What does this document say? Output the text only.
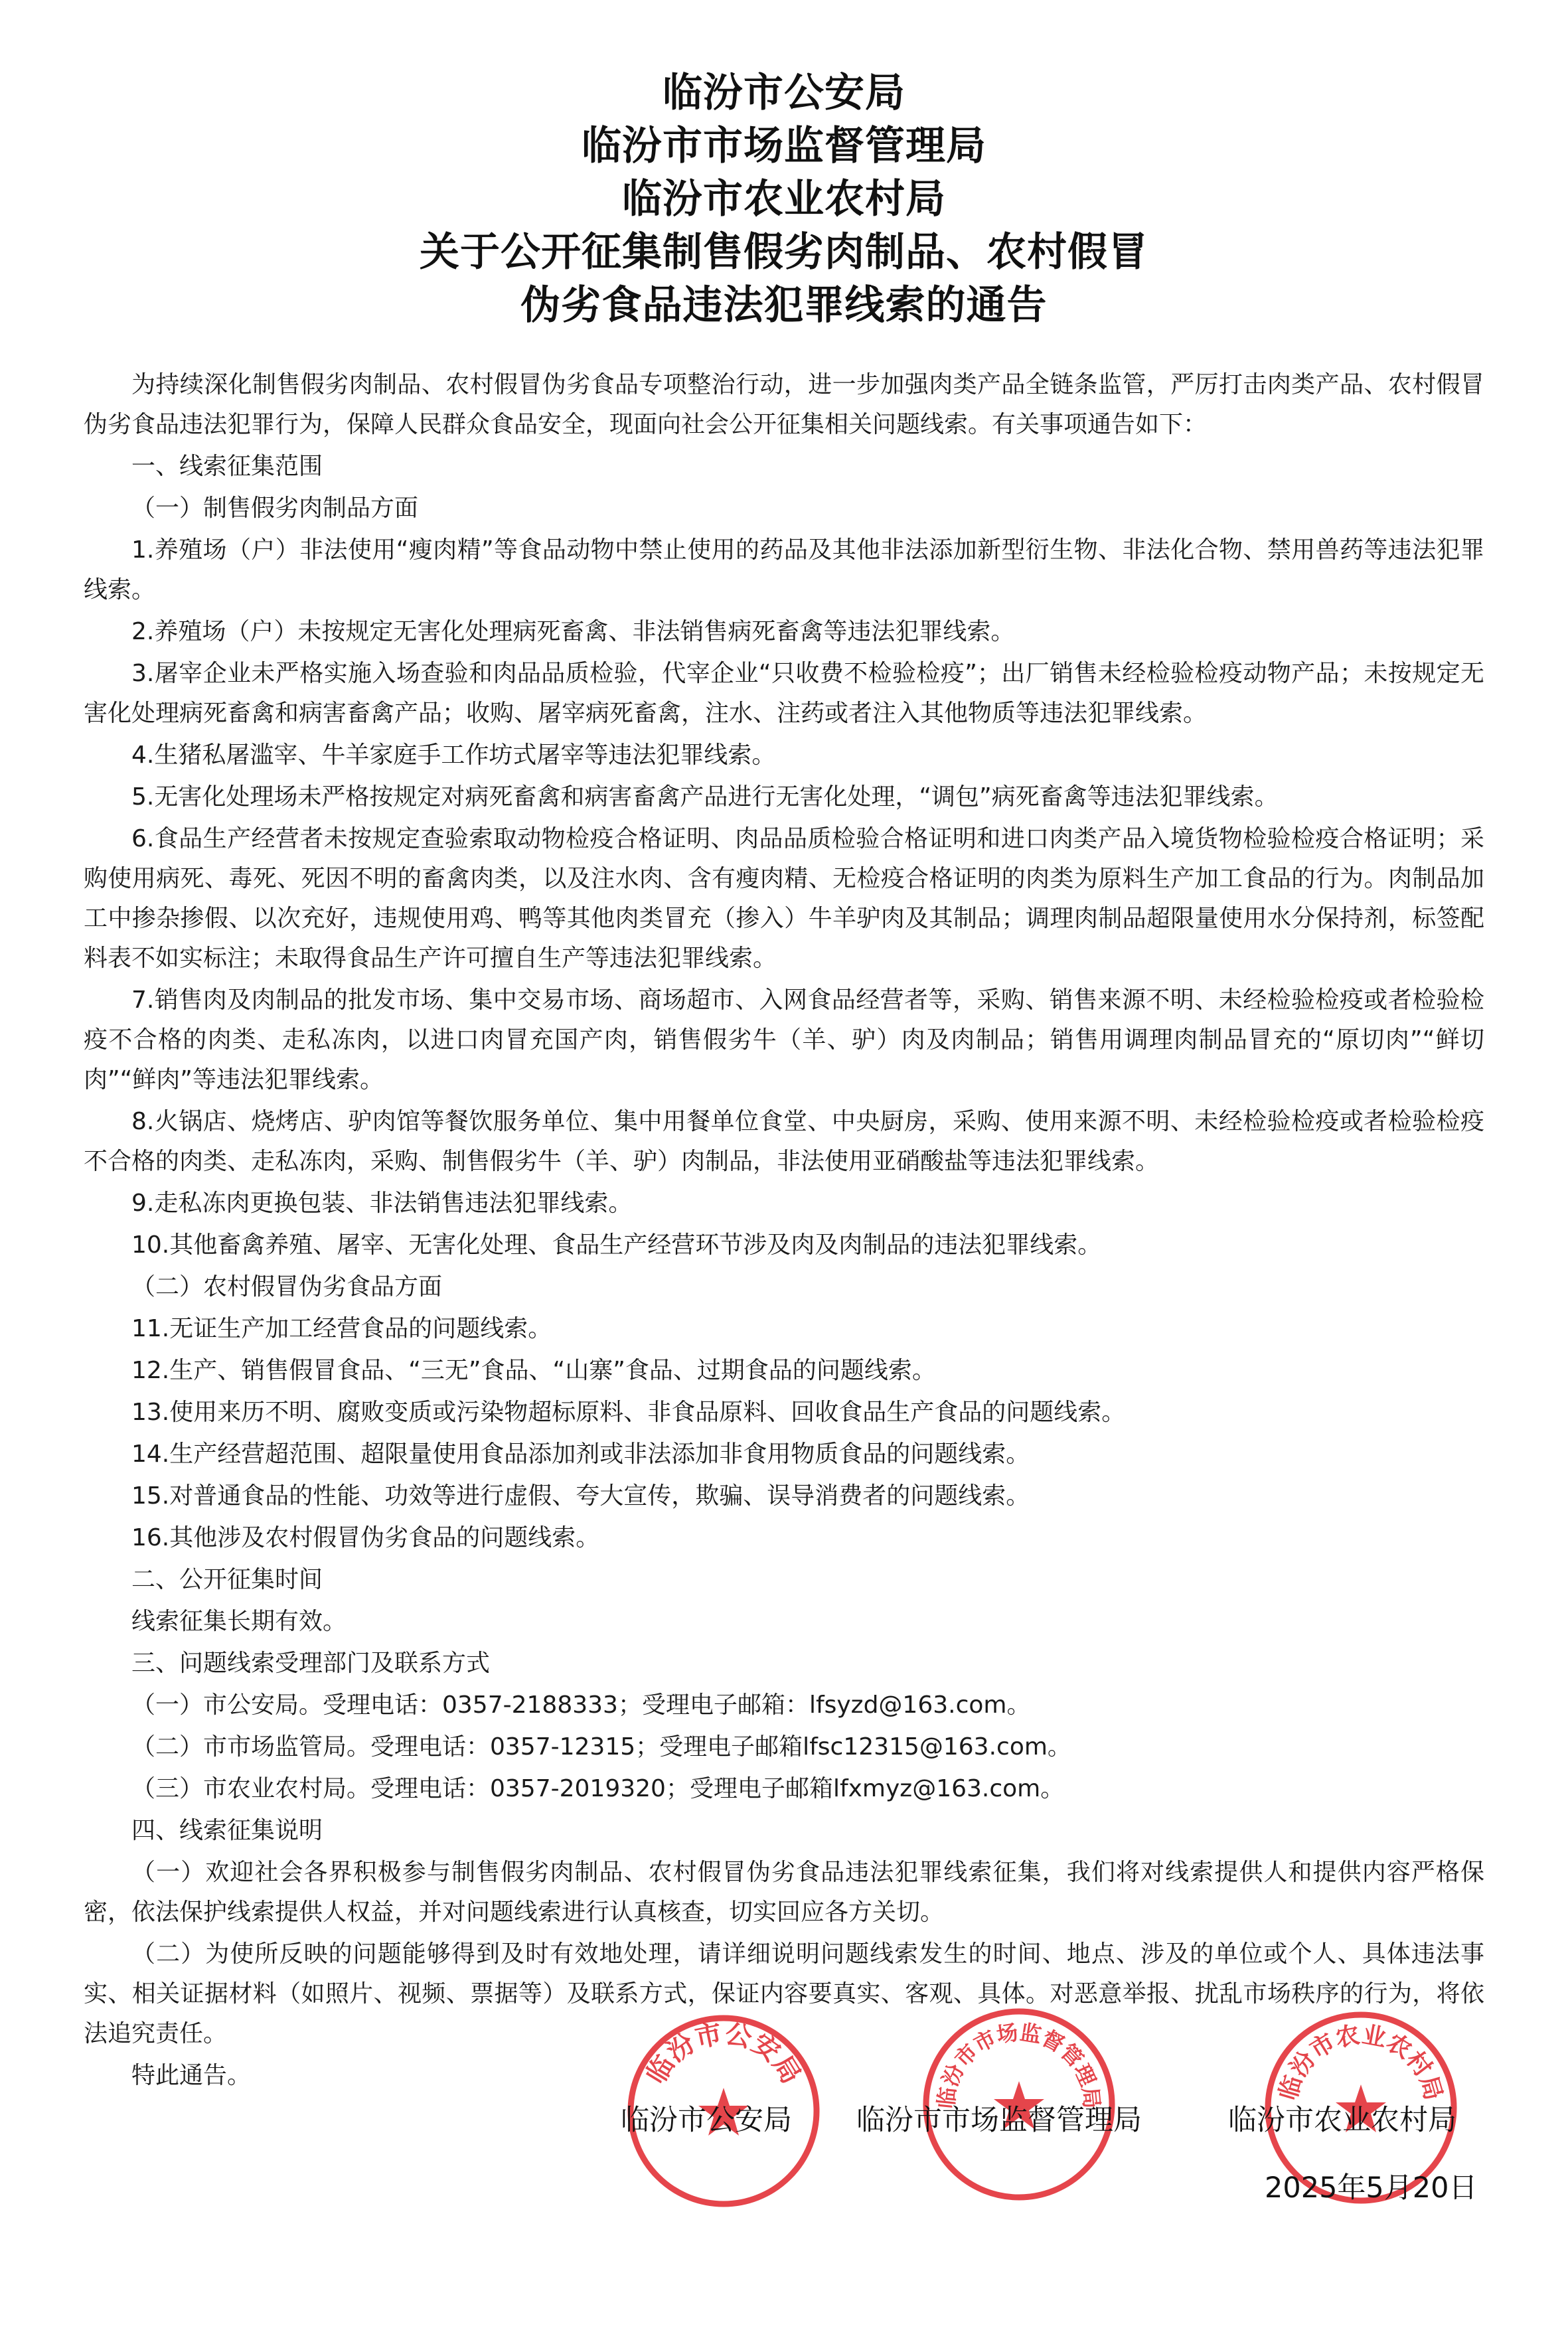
临汾市公安局
临汾市市场监督管理局
临汾市农业农村局
关于公开征集制售假劣肉制品、农村假冒
伪劣食品违法犯罪线索的通告

为持续深化制售假劣肉制品、农村假冒伪劣食品专项整治行动，进一步加强肉类产品全链条监管，严厉打击肉类产品、农村假冒伪劣食品违法犯罪行为，保障人民群众食品安全，现面向社会公开征集相关问题线索。有关事项通告如下：

一、线索征集范围

（一）制售假劣肉制品方面

1.养殖场（户）非法使用“瘦肉精”等食品动物中禁止使用的药品及其他非法添加新型衍生物、非法化合物、禁用兽药等违法犯罪线索。

2.养殖场（户）未按规定无害化处理病死畜禽、非法销售病死畜禽等违法犯罪线索。

3.屠宰企业未严格实施入场查验和肉品品质检验，代宰企业“只收费不检验检疫”；出厂销售未经检验检疫动物产品；未按规定无害化处理病死畜禽和病害畜禽产品；收购、屠宰病死畜禽，注水、注药或者注入其他物质等违法犯罪线索。

4.生猪私屠滥宰、牛羊家庭手工作坊式屠宰等违法犯罪线索。

5.无害化处理场未严格按规定对病死畜禽和病害畜禽产品进行无害化处理，“调包”病死畜禽等违法犯罪线索。

6.食品生产经营者未按规定查验索取动物检疫合格证明、肉品品质检验合格证明和进口肉类产品入境货物检验检疫合格证明；采购使用病死、毒死、死因不明的畜禽肉类，以及注水肉、含有瘦肉精、无检疫合格证明的肉类为原料生产加工食品的行为。肉制品加工中掺杂掺假、以次充好，违规使用鸡、鸭等其他肉类冒充（掺入）牛羊驴肉及其制品；调理肉制品超限量使用水分保持剂，标签配料表不如实标注；未取得食品生产许可擅自生产等违法犯罪线索。

7.销售肉及肉制品的批发市场、集中交易市场、商场超市、入网食品经营者等，采购、销售来源不明、未经检验检疫或者检验检疫不合格的肉类、走私冻肉，以进口肉冒充国产肉，销售假劣牛（羊、驴）肉及肉制品；销售用调理肉制品冒充的“原切肉”“鲜切肉”“鲜肉”等违法犯罪线索。

8.火锅店、烧烤店、驴肉馆等餐饮服务单位、集中用餐单位食堂、中央厨房，采购、使用来源不明、未经检验检疫或者检验检疫不合格的肉类、走私冻肉，采购、制售假劣牛（羊、驴）肉制品，非法使用亚硝酸盐等违法犯罪线索。

9.走私冻肉更换包装、非法销售违法犯罪线索。

10.其他畜禽养殖、屠宰、无害化处理、食品生产经营环节涉及肉及肉制品的违法犯罪线索。

（二）农村假冒伪劣食品方面

11.无证生产加工经营食品的问题线索。

12.生产、销售假冒食品、“三无”食品、“山寨”食品、过期食品的问题线索。

13.使用来历不明、腐败变质或污染物超标原料、非食品原料、回收食品生产食品的问题线索。

14.生产经营超范围、超限量使用食品添加剂或非法添加非食用物质食品的问题线索。

15.对普通食品的性能、功效等进行虚假、夸大宣传，欺骗、误导消费者的问题线索。

16.其他涉及农村假冒伪劣食品的问题线索。

二、公开征集时间

线索征集长期有效。

三、问题线索受理部门及联系方式

（一）市公安局。受理电话：0357-2188333；受理电子邮箱：lfsyzd@163.com。

（二）市市场监管局。受理电话：0357-12315；受理电子邮箱lfsc12315@163.com。

（三）市农业农村局。受理电话：0357-2019320；受理电子邮箱lfxmyz@163.com。

四、线索征集说明

（一）欢迎社会各界积极参与制售假劣肉制品、农村假冒伪劣食品违法犯罪线索征集，我们将对线索提供人和提供内容严格保密，依法保护线索提供人权益，并对问题线索进行认真核查，切实回应各方关切。

（二）为使所反映的问题能够得到及时有效地处理，请详细说明问题线索发生的时间、地点、涉及的单位或个人、具体违法事实、相关证据材料（如照片、视频、票据等）及联系方式，保证内容要真实、客观、具体。对恶意举报、扰乱市场秩序的行为，将依法追究责任。

特此通告。	临汾市公安局
临汾市市场监督管理局	临汾市农业农村局
临汾市公安局 临汾市市场监督管理局	临汾市农业农村局
2025年5月20日
